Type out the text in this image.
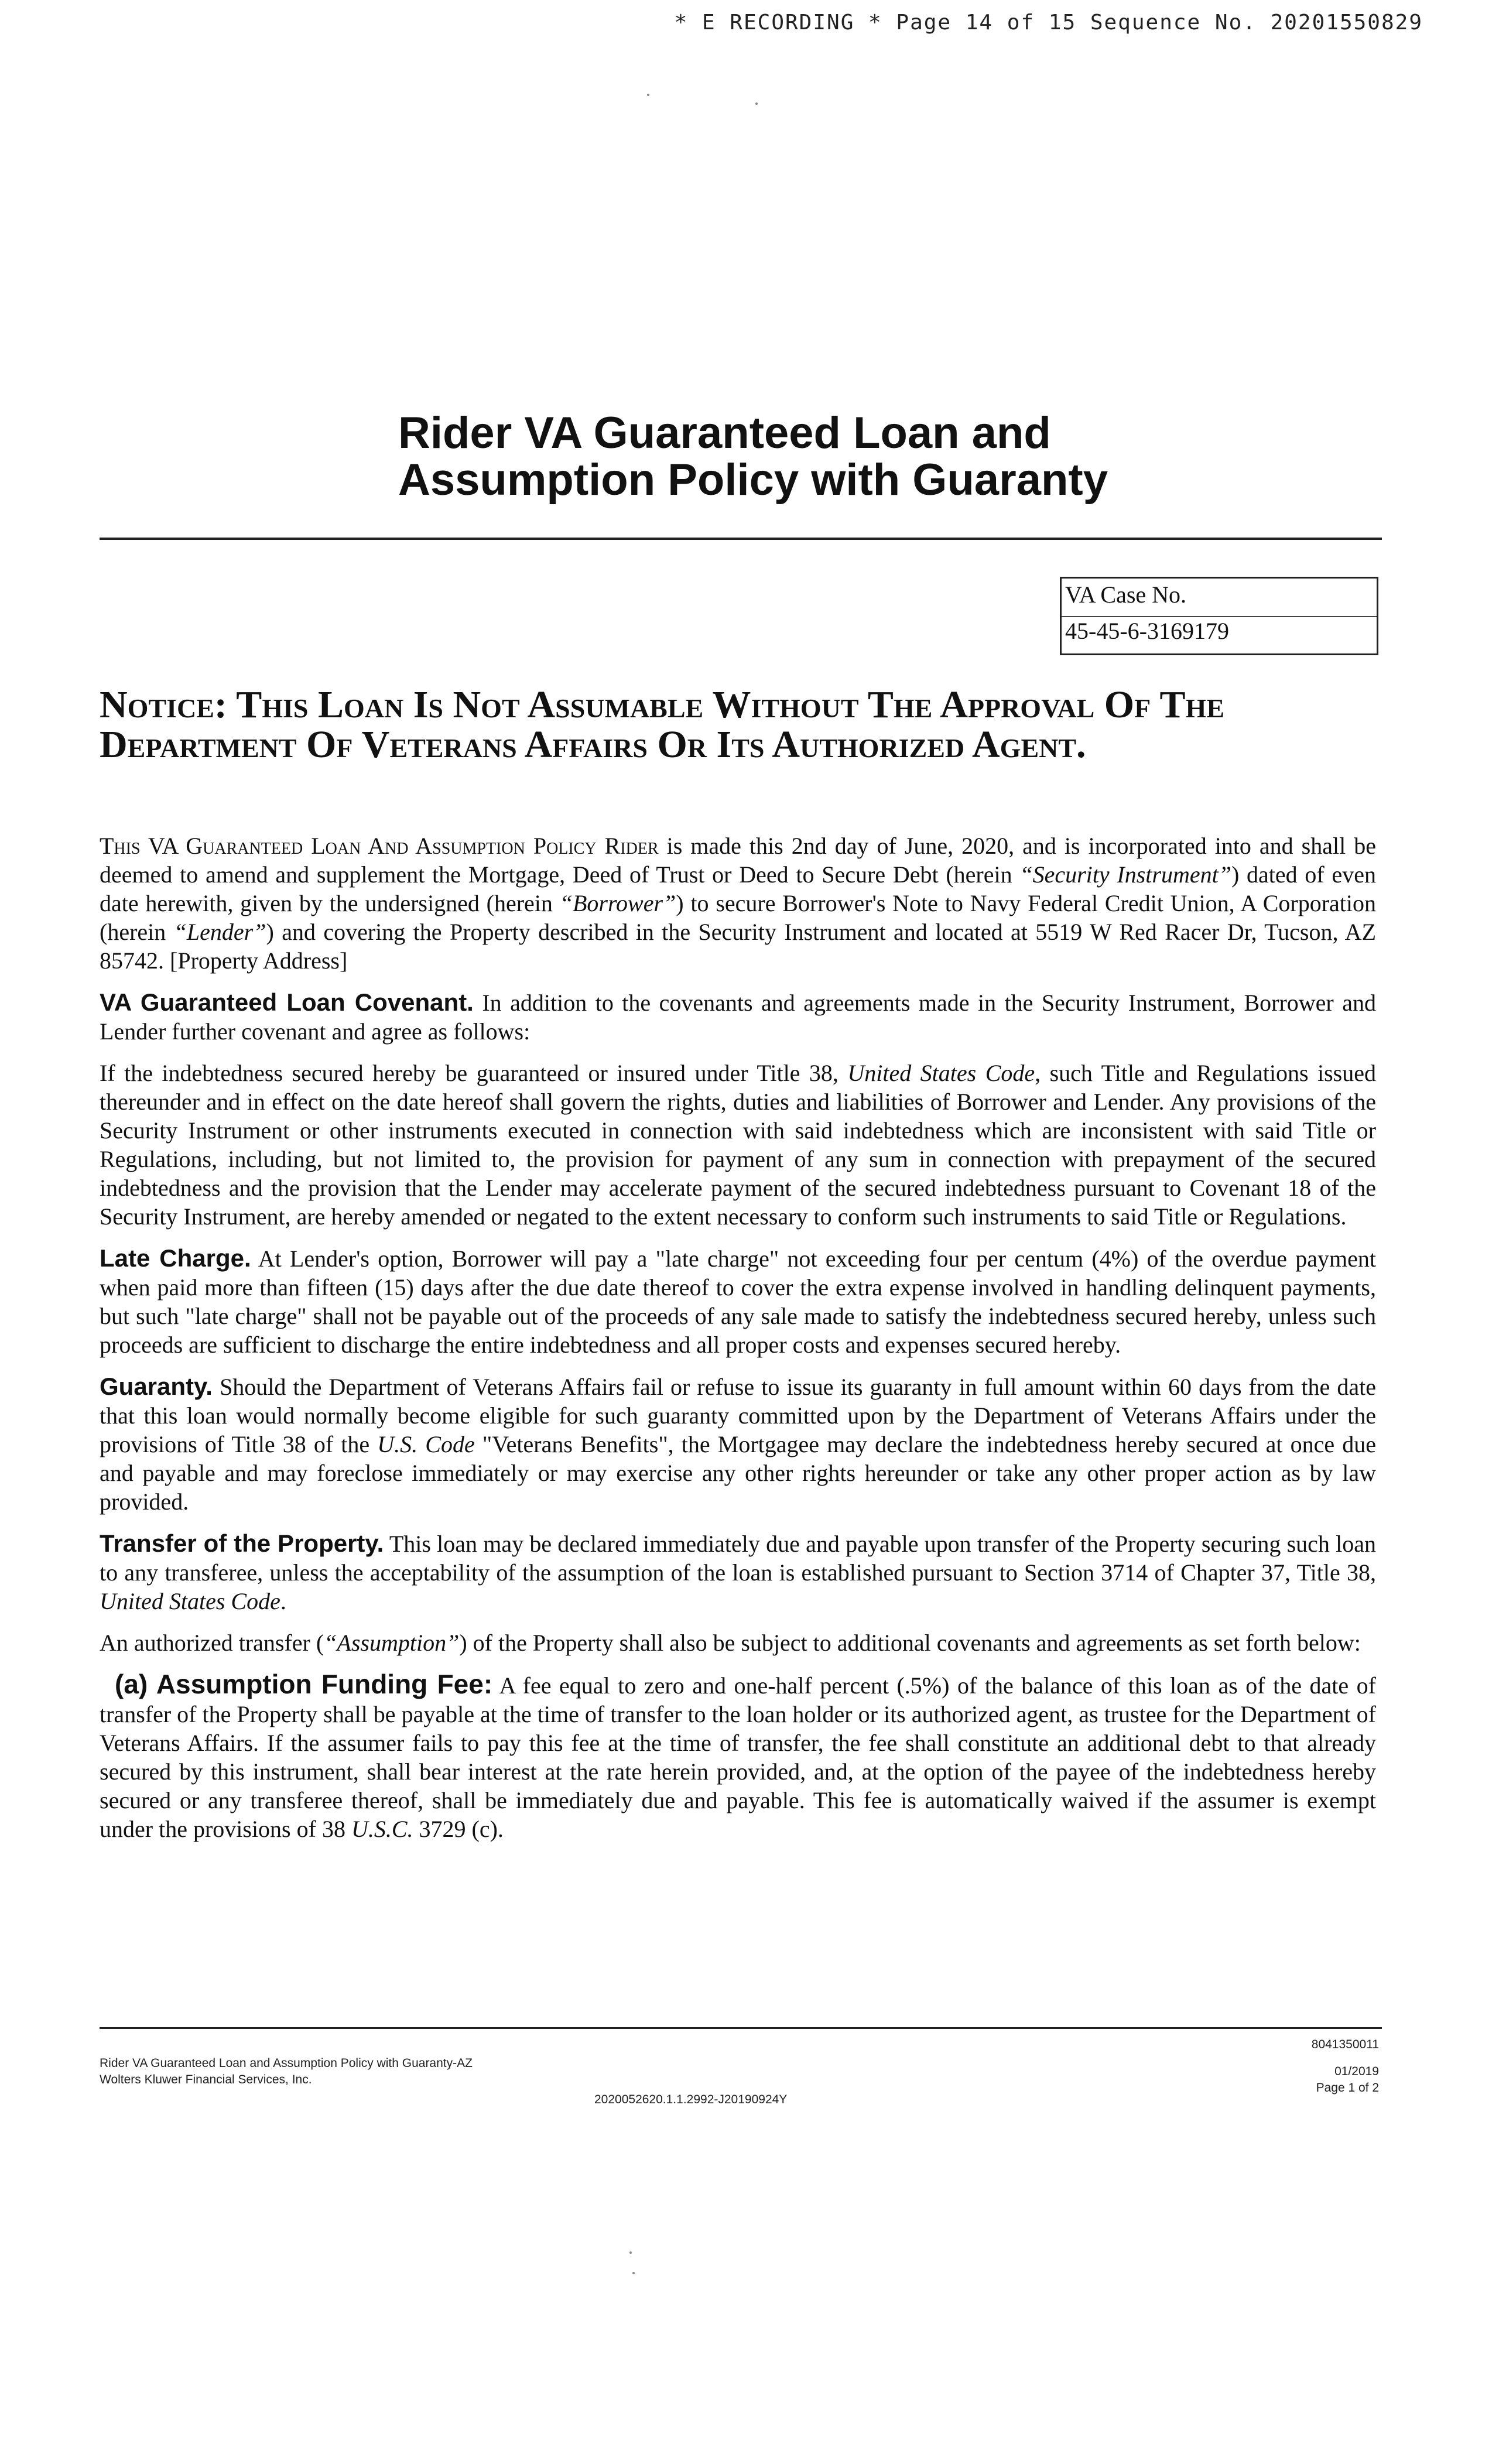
* E RECORDING * Page 14 of 15 Sequence No. 20201550829
Rider VA Guaranteed Loan and
Assumption Policy with Guaranty
VA Case No.
45-45-6-3169179
Notice: This Loan Is Not Assumable Without The Approval Of The Department Of Veterans Affairs Or Its Authorized Agent.

This VA Guaranteed Loan And Assumption Policy Rider is made this 2nd day of June, 2020, and is incorporated into and shall be deemed to amend and supplement the Mortgage, Deed of Trust or Deed to Secure Debt (herein “Security Instrument”) dated of even date herewith, given by the undersigned (herein “Borrower”) to secure Borrower's Note to Navy Federal Credit Union, A Corporation (herein “Lender”) and covering the Property described in the Security Instrument and located at 5519 W Red Racer Dr, Tucson, AZ 85742. [Property Address]

VA Guaranteed Loan Covenant. In addition to the covenants and agreements made in the Security Instrument, Borrower and Lender further covenant and agree as follows:

If the indebtedness secured hereby be guaranteed or insured under Title 38, United States Code, such Title and Regulations issued thereunder and in effect on the date hereof shall govern the rights, duties and liabilities of Borrower and Lender. Any provisions of the Security Instrument or other instruments executed in connection with said indebtedness which are inconsistent with said Title or Regulations, including, but not limited to, the provision for payment of any sum in connection with prepayment of the secured indebtedness and the provision that the Lender may accelerate payment of the secured indebtedness pursuant to Covenant 18 of the Security Instrument, are hereby amended or negated to the extent necessary to conform such instruments to said Title or Regulations.

Late Charge. At Lender's option, Borrower will pay a "late charge" not exceeding four per centum (4%) of the overdue payment when paid more than fifteen (15) days after the due date thereof to cover the extra expense involved in handling delinquent payments, but such "late charge" shall not be payable out of the proceeds of any sale made to satisfy the indebtedness secured hereby, unless such proceeds are sufficient to discharge the entire indebtedness and all proper costs and expenses secured hereby.

Guaranty. Should the Department of Veterans Affairs fail or refuse to issue its guaranty in full amount within 60 days from the date that this loan would normally become eligible for such guaranty committed upon by the Department of Veterans Affairs under the provisions of Title 38 of the U.S. Code "Veterans Benefits", the Mortgagee may declare the indebtedness hereby secured at once due and payable and may foreclose immediately or may exercise any other rights hereunder or take any other proper action as by law provided.

Transfer of the Property. This loan may be declared immediately due and payable upon transfer of the Property securing such loan to any transferee, unless the acceptability of the assumption of the loan is established pursuant to Section 3714 of Chapter 37, Title 38, United States Code.

An authorized transfer (“Assumption”) of the Property shall also be subject to additional covenants and agreements as set forth below:

(a) Assumption Funding Fee: A fee equal to zero and one-half percent (.5%) of the balance of this loan as of the date of transfer of the Property shall be payable at the time of transfer to the loan holder or its authorized agent, as trustee for the Department of Veterans Affairs. If the assumer fails to pay this fee at the time of transfer, the fee shall constitute an additional debt to that already secured by this instrument, shall bear interest at the rate herein provided, and, at the option of the payee of the indebtedness hereby secured or any transferee thereof, shall be immediately due and payable. This fee is automatically waived if the assumer is exempt under the provisions of 38 U.S.C. 3729 (c).

Rider VA Guaranteed Loan and Assumption Policy with Guaranty-AZ
Wolters Kluwer Financial Services, Inc.
2020052620.1.1.2992-J20190924Y
8041350011
01/2019
Page 1 of 2
